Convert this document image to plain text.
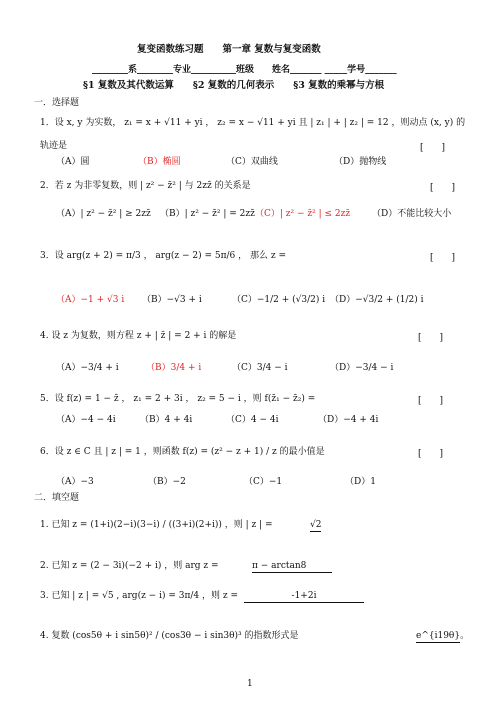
复变函数练习题　　第一章 复数与复变函数
________系________专业__________班级　　姓名_______ _____学号_______
§1 复数及其代数运算　　§2 复数的几何表示　　§3 复数的乘幂与方根
一．选择题
1．设 x, y 为实数， z₁ = x + √11 + yi ， z₂ = x − √11 + yi 且 | z₁ | + | z₂ | = 12 ，则动点 (x, y) 的
轨迹是	[　　]
（A）圆	（B）椭圆	（C）双曲线	（D）抛物线
2．若 z 为非零复数，则 | z² − z̄² | 与 2zz̄ 的关系是	[　　]
（A）| z² − z̄² | ≥ 2zz̄ （B）| z² − z̄² | = 2zz̄ （C）| z² − z̄² | ≤ 2zz̄ （D）不能比较大小
3．设 arg(z + 2) = π/3 ， arg(z − 2) = 5π/6 ， 那么 z =	[　　]
（A）−1 + √3 i （B）−√3 + i	（C）−1/2 + (√3/2) i （D）−√3/2 + (1/2) i
4. 设 z 为复数，则方程 z + | z̄ | = 2 + i 的解是	[　　]
（A）−3/4 + i	（B）3/4 + i	（C）3/4 − i	（D）−3/4 − i
5．设 f(z) = 1 − z̄ ， z₁ = 2 + 3i ， z₂ = 5 − i ，则 f(z̄₁ − z̄₂) =	[　　]
（A）−4 − 4i	（B）4 + 4i	（C）4 − 4i	（D）−4 + 4i
6．设 z ∈ C 且 | z | = 1 ，则函数 f(z) = (z² − z + 1) / z 的最小值是	[　　]
（A）−3	（B）−2	（C）−1	（D）1
二．填空题
1. 已知 z = (1+i)(2−i)(3−i) / ((3+i)(2+i)) ，则 | z | =	√2
2. 已知 z = (2 − 3i)(−2 + i) ，则 arg z =	π − arctan8
3. 已知 | z | = √5 , arg(z − i) = 3π/4 ，则 z =	-1+2i
4. 复数 (cos5θ + i sin5θ)² / (cos3θ − i sin3θ)³ 的指数形式是	e^{i19θ}。
1
